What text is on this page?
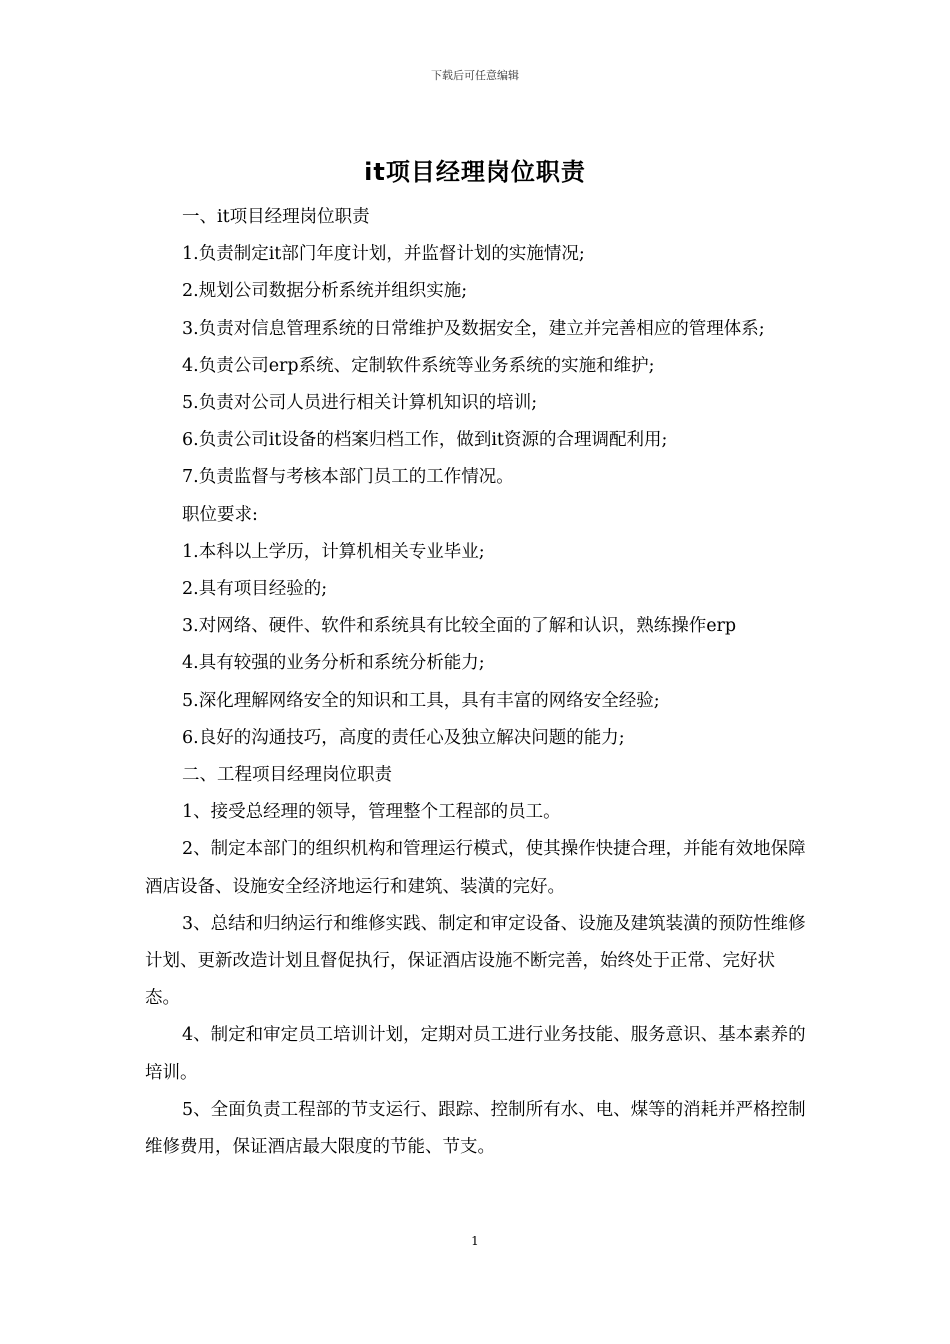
下载后可任意编辑
it项目经理岗位职责

一、it项目经理岗位职责

1.负责制定it部门年度计划，并监督计划的实施情况;

2.规划公司数据分析系统并组织实施;

3.负责对信息管理系统的日常维护及数据安全，建立并完善相应的管理体系;

4.负责公司erp系统、定制软件系统等业务系统的实施和维护;

5.负责对公司人员进行相关计算机知识的培训;

6.负责公司it设备的档案归档工作，做到it资源的合理调配利用;

7.负责监督与考核本部门员工的工作情况。

职位要求:

1.本科以上学历，计算机相关专业毕业;

2.具有项目经验的;

3.对网络、硬件、软件和系统具有比较全面的了解和认识，熟练操作erp

4.具有较强的业务分析和系统分析能力;

5.深化理解网络安全的知识和工具，具有丰富的网络安全经验;

6.良好的沟通技巧，高度的责任心及独立解决问题的能力;

二、工程项目经理岗位职责

1、接受总经理的领导，管理整个工程部的员工。

2、制定本部门的组织机构和管理运行模式，使其操作快捷合理，并能有效地保障酒店设备、设施安全经济地运行和建筑、装潢的完好。

3、总结和归纳运行和维修实践、制定和审定设备、设施及建筑装潢的预防性维修计划、更新改造计划且督促执行，保证酒店设施不断完善，始终处于正常、完好状态。

4、制定和审定员工培训计划，定期对员工进行业务技能、服务意识、基本素养的培训。

5、全面负责工程部的节支运行、跟踪、控制所有水、电、煤等的消耗并严格控制维修费用，保证酒店最大限度的节能、节支。

1
